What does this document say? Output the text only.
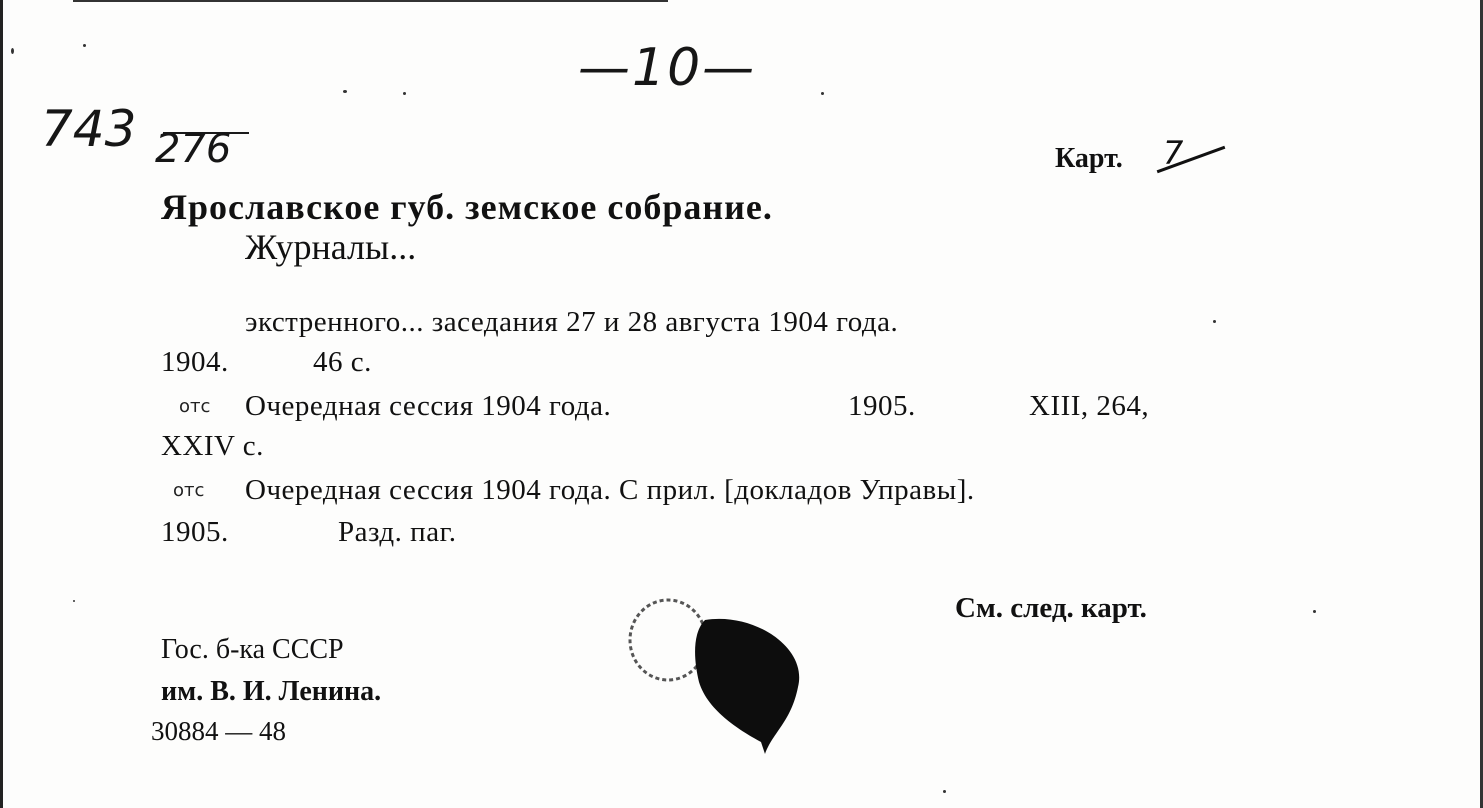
—10—
743 276	Карт. 7
Ярославское губ. земское собрание.
Журналы...
экстренного... заседания 27 и 28 августа 1904 года.
1904.	46 с.
отс Очередная сессия 1904 года.	1905.	XIII, 264,
XXIV с.
отс Очередная сессия 1904 года. С прил. [докладов Управы].
1905.	Разд. паг.
См. след. карт.
Гос. б-ка СССР
им. В. И. Ленина.
30884 — 48
